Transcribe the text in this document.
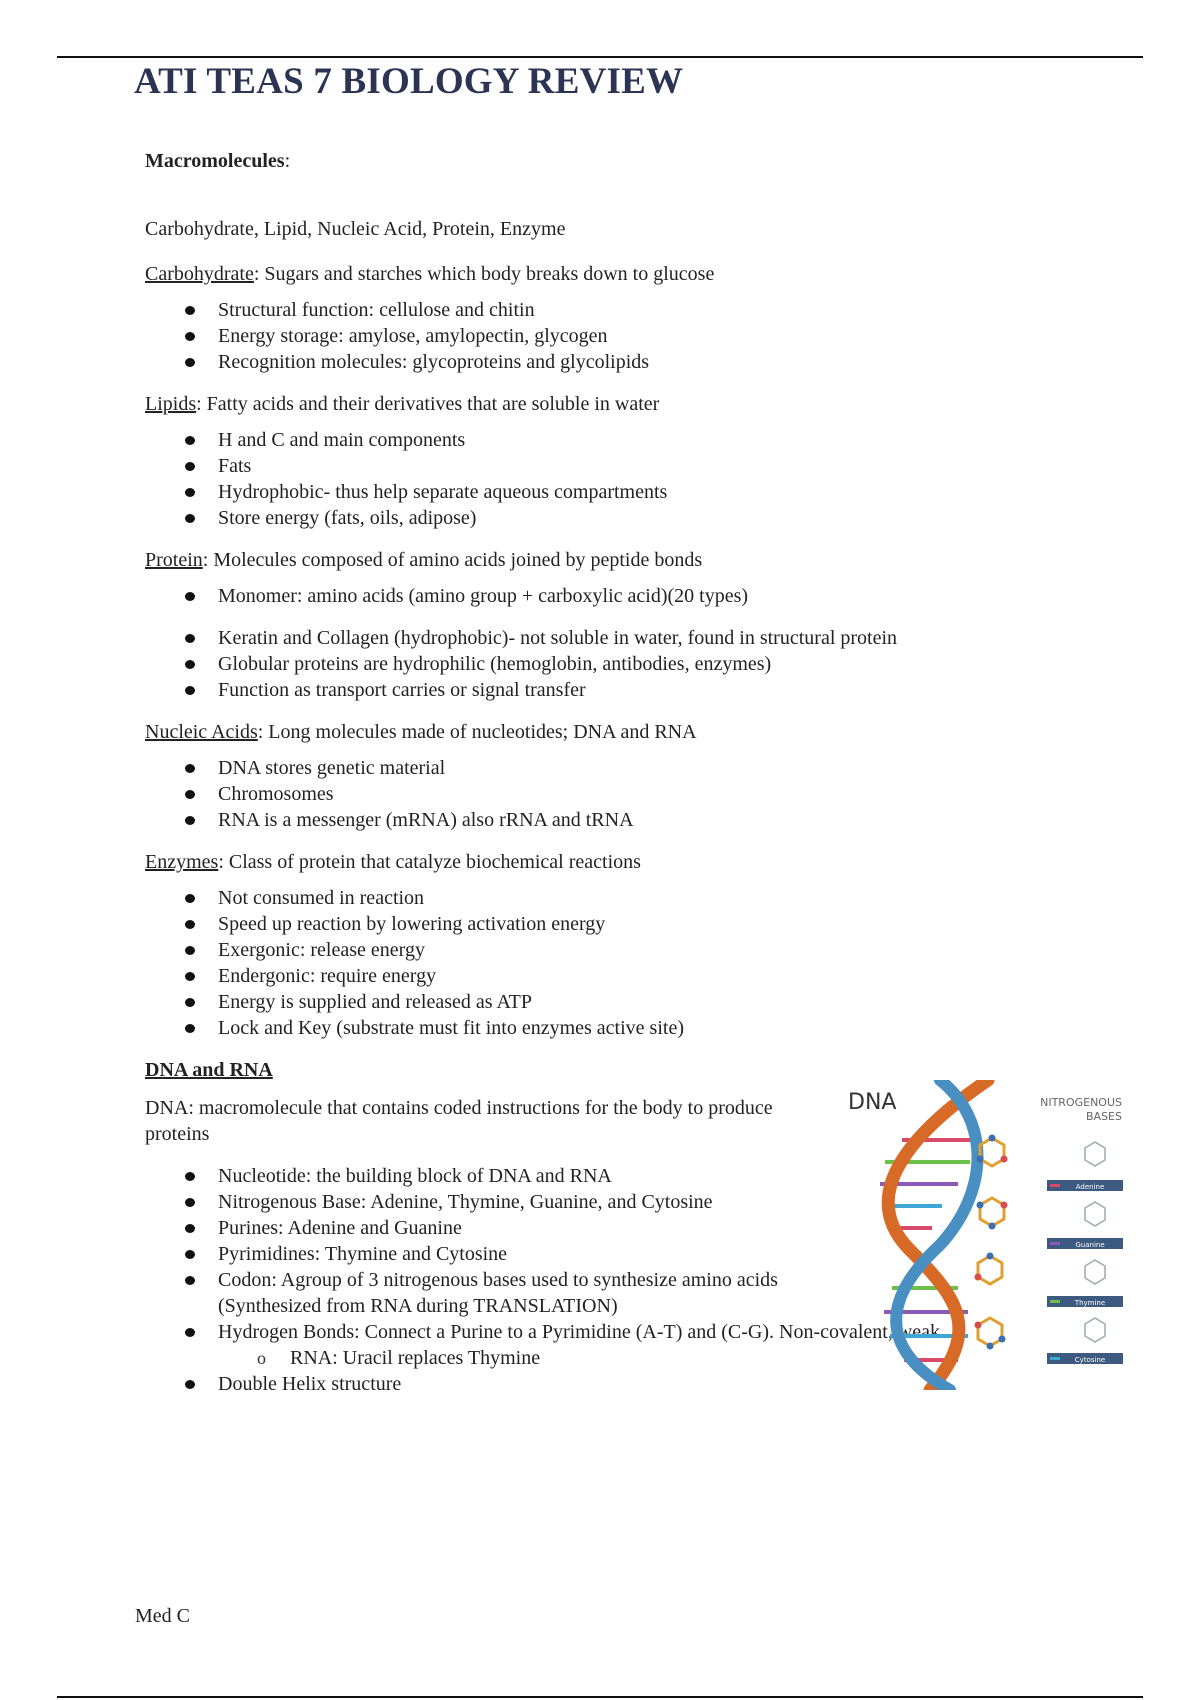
ATI TEAS 7 BIOLOGY REVIEW

Macromolecules:

Carbohydrate, Lipid, Nucleic Acid, Protein, Enzyme

Carbohydrate: Sugars and starches which body breaks down to glucose

Structural function: cellulose and chitin
Energy storage: amylose, amylopectin, glycogen
Recognition molecules: glycoproteins and glycolipids

Lipids: Fatty acids and their derivatives that are soluble in water

H and C and main components
Fats
Hydrophobic- thus help separate aqueous compartments
Store energy (fats, oils, adipose)

Protein: Molecules composed of amino acids joined by peptide bonds

Monomer: amino acids (amino group + carboxylic acid)(20 types)
Keratin and Collagen (hydrophobic)- not soluble in water, found in structural protein
Globular proteins are hydrophilic (hemoglobin, antibodies, enzymes)
Function as transport carries or signal transfer

Nucleic Acids: Long molecules made of nucleotides; DNA and RNA

DNA stores genetic material
Chromosomes
RNA is a messenger (mRNA) also rRNA and tRNA

Enzymes: Class of protein that catalyze biochemical reactions

Not consumed in reaction
Speed up reaction by lowering activation energy
Exergonic: release energy
Endergonic: require energy
Energy is supplied and released as ATP
Lock and Key (substrate must fit into enzymes active site)

DNA and RNA

DNA: macromolecule that contains coded instructions for the body to produce proteins

Nucleotide: the building block of DNA and RNA
Nitrogenous Base: Adenine, Thymine, Guanine, and Cytosine
Purines: Adenine and Guanine
Pyrimidines: Thymine and Cytosine
Codon: Agroup of 3 nitrogenous bases used to synthesize amino acids (Synthesized from RNA during TRANSLATION)
Hydrogen Bonds: Connect a Purine to a Pyrimidine (A-T) and (C-G). Non-covalent, weak.
o RNA: Uracil replaces Thymine
Double Helix structure
DNA	NITROGENOUS
BASES
Adenine
Guanine
Thymine
Cytosine
Med C
